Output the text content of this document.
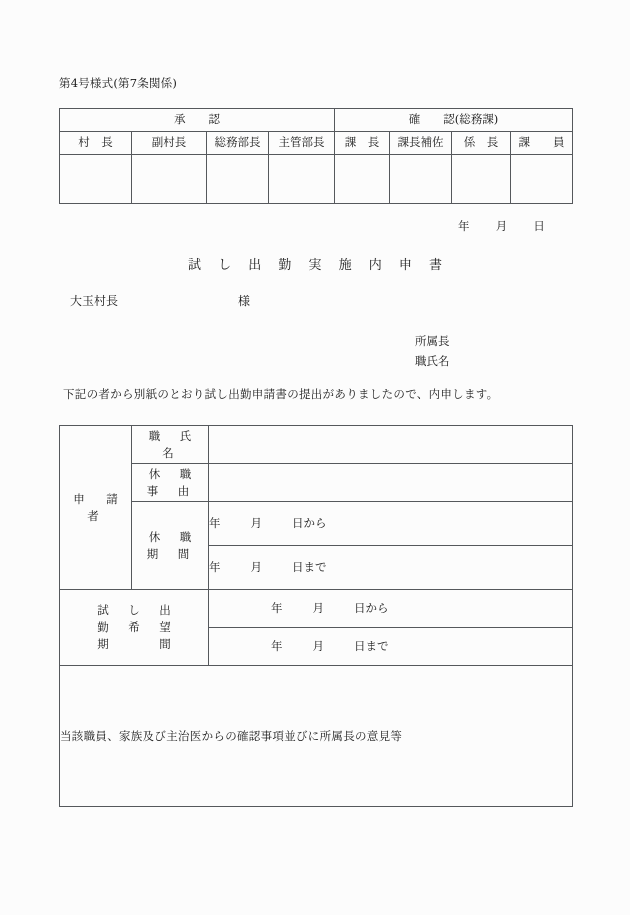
第4号様式(第7条関係)
承　　認				確　　認(総務課)			
村　長	副村長	総務部長	主管部長	課　長	課長補佐	係　長	課　　員

年 月 日
試 し 出 勤 実 施 内 申 書
大玉村長	様
所属長
職氏名
下記の者から別紙のとおり試し出勤申請書の提出がありましたので、内申します。
申　請　者	職　氏　名	
	休　職　事　由	
	休　職　期　間	年 月 日から
		年 月 日まで

試　し　出
勤　希　望
期　　　間		年 月 日から
		年 月 日まで
当該職員、家族及び主治医からの確認事項並びに所属長の意見等		
